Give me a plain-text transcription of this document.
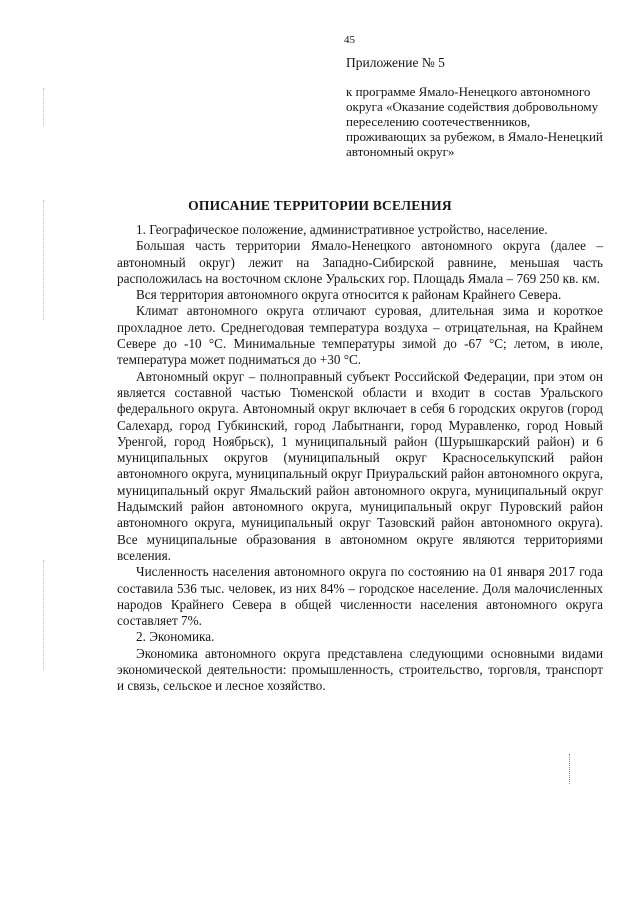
45
Приложение № 5
к программе Ямало-Ненецкого автономного округа «Оказание содействия добровольному переселению соотечественников, проживающих за рубежом, в Ямало-Ненецкий автономный округ»
ОПИСАНИЕ ТЕРРИТОРИИ ВСЕЛЕНИЯ

1. Географическое положение, административное устройство, население.

Большая часть территории Ямало-Ненецкого автономного округа (далее – автономный округ) лежит на Западно-Сибирской равнине, меньшая часть расположилась на восточном склоне Уральских гор. Площадь Ямала – 769 250 кв. км.

Вся территория автономного округа относится к районам Крайнего Севера.

Климат автономного округа отличают суровая, длительная зима и короткое прохладное лето. Среднегодовая температура воздуха – отрицательная, на Крайнем Севере до -10 °С. Минимальные температуры зимой до -67 °С; летом, в июле, температура может подниматься до +30 °С.

Автономный округ – полноправный субъект Российской Федерации, при этом он является составной частью Тюменской области и входит в состав Уральского федерального округа. Автономный округ включает в себя 6 городских округов (город Салехард, город Губкинский, город Лабытнанги, город Муравленко, город Новый Уренгой, город Ноябрьск), 1 муниципальный район (Шурышкарский район) и 6 муниципальных округов (муниципальный округ Красноселькупский район автономного округа, муниципальный округ Приуральский район автономного округа, муниципальный округ Ямальский район автономного округа, муниципальный округ Надымский район автономного округа, муниципальный округ Пуровский район автономного округа, муниципальный округ Тазовский район автономного округа). Все муниципальные образования в автономном округе являются территориями вселения.

Численность населения автономного округа по состоянию на 01 января 2017 года составила 536 тыс. человек, из них 84% – городское население. Доля малочисленных народов Крайнего Севера в общей численности населения автономного округа составляет 7%.

2. Экономика.

Экономика автономного округа представлена следующими основными видами экономической деятельности: промышленность, строительство, торговля, транспорт и связь, сельское и лесное хозяйство.
